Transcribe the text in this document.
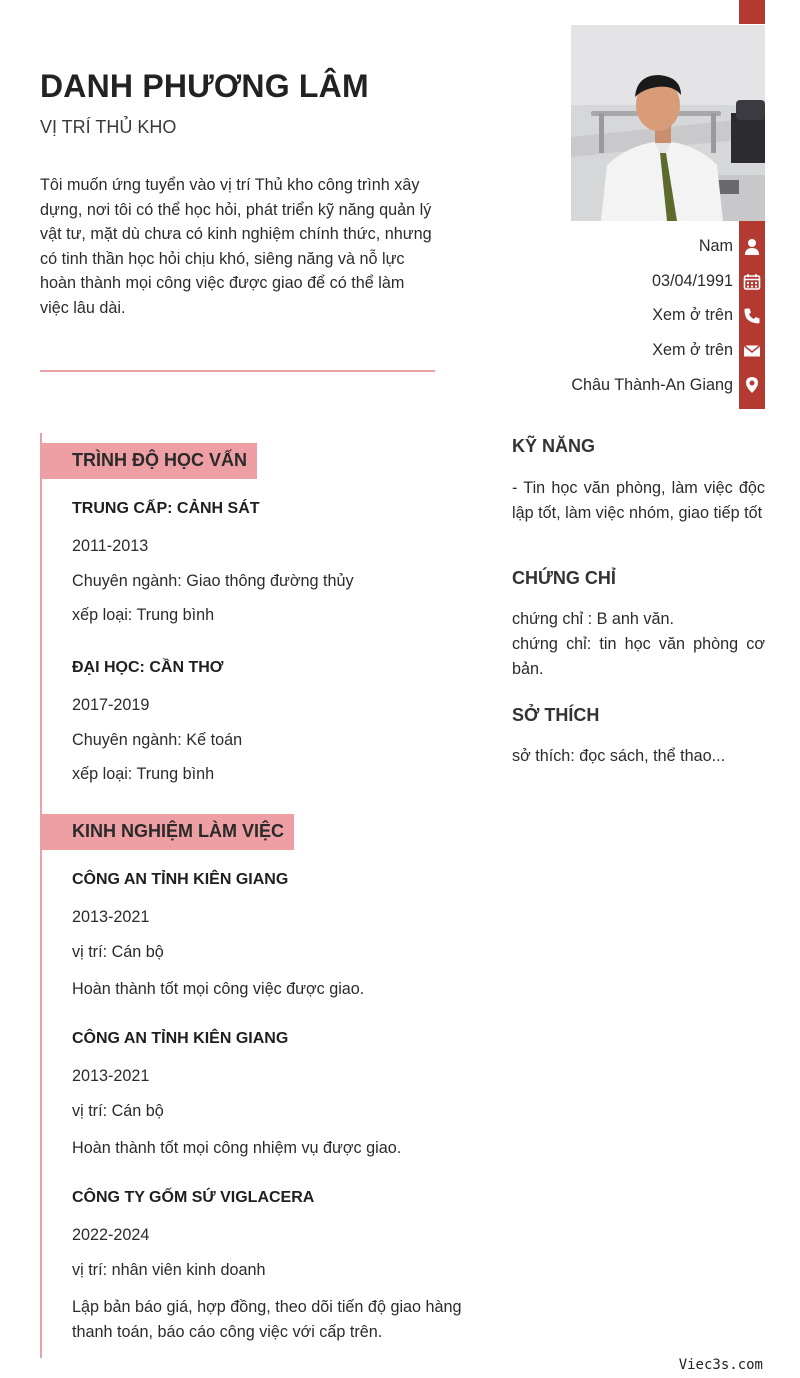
DANH PHƯƠNG LÂM
VỊ TRÍ THỦ KHO
Tôi muốn ứng tuyển vào vị trí Thủ kho công trình xây dựng, nơi tôi có thể học hỏi, phát triển kỹ năng quản lý vật tư, mặt dù chưa có kinh nghiệm chính thức, nhưng có tinh thần học hỏi chịu khó, siêng năng và nỗ lực hoàn thành mọi công việc được giao để có thể làm việc lâu dài.
Nam
03/04/1991
Xem ở trên
Xem ở trên
Châu Thành-An Giang
TRÌNH ĐỘ HỌC VẤN
TRUNG CẤP: CẢNH SÁT
2011-2013
Chuyên ngành: Giao thông đường thủy
xếp loại: Trung bình
ĐẠI HỌC: CẦN THƠ
2017-2019
Chuyên ngành: Kế toán
xếp loại: Trung bình
KINH NGHIỆM LÀM VIỆC
CÔNG AN TỈNH KIÊN GIANG
2013-2021
vị trí: Cán bộ
Hoàn thành tốt mọi công việc được giao.
CÔNG AN TỈNH KIÊN GIANG
2013-2021
vị trí: Cán bộ
Hoàn thành tốt mọi công nhiệm vụ được giao.
CÔNG TY GỐM SỨ VIGLACERA
2022-2024
vị trí: nhân viên kinh doanh
Lập bản báo giá, hợp đồng, theo dõi tiến độ giao hàng thanh toán, báo cáo công việc với cấp trên.
KỸ NĂNG
- Tin học văn phòng, làm việc độc lập tốt, làm việc nhóm, giao tiếp tốt
CHỨNG CHỈ
chứng chỉ : B anh văn.
chứng chỉ: tin học văn phòng cơ bản.
SỞ THÍCH
sở thích: đọc sách, thể thao...
Viec3s.com
